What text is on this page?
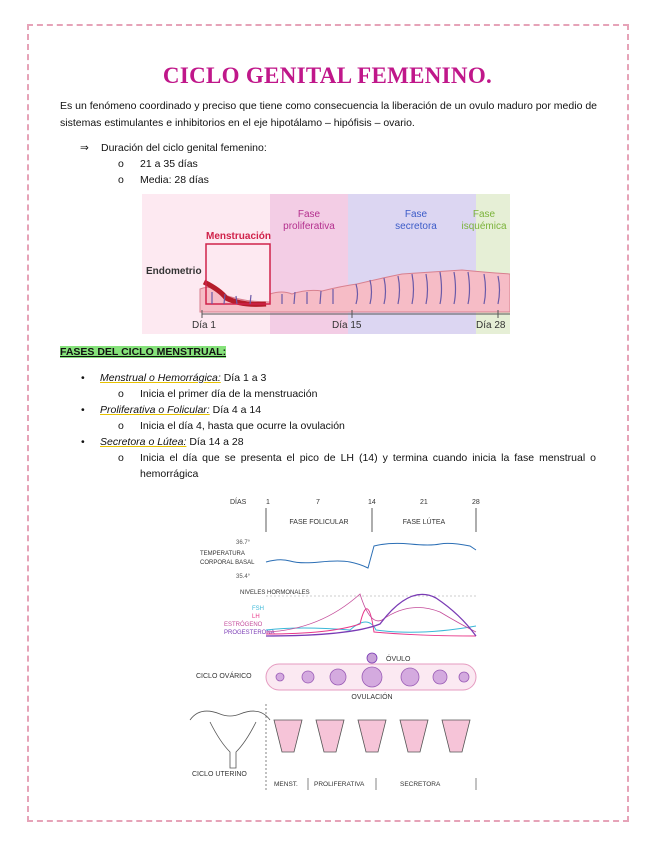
CICLO GENITAL FEMENINO.
Es un fenómeno coordinado y preciso que tiene como consecuencia la liberación de un ovulo maduro por medio de sistemas estimulantes e inhibitorios en el eje hipotálamo – hipófisis – ovario.
⇒ Duración del ciclo genital femenino:
o 21 a 35 días
o Media: 28 días
Menstruación
Fase
proliferativa
Fase
secretora
Fase
isquémica
Endometrio
Día 1	Día 15	Día 28
FASES DEL CICLO MENSTRUAL:
• Menstrual o Hemorrágica: Día 1 a 3
o Inicia el primer día de la menstruación
• Proliferativa o Folicular: Día 4 a 14
o Inicia el día 4, hasta que ocurre la ovulación
• Secretora o Lútea: Día 14 a 28
o Inicia el día que se presenta el pico de LH (14) y termina cuando inicia la fase menstrual o
hemorrágica
DÍAS	1	7	14	21	28
FASE FOLICULAR	FASE LÚTEA
36.7°
35.4°
TEMPERATURA
CORPORAL BASAL
NIVELES HORMONALES
FSH
LH
ESTRÓGENO
PROGESTERONA
ÓVULO
CICLO OVÁRICO
OVULACIÓN
CICLO UTERINO
MENST. PROLIFERATIVA	SECRETORA
